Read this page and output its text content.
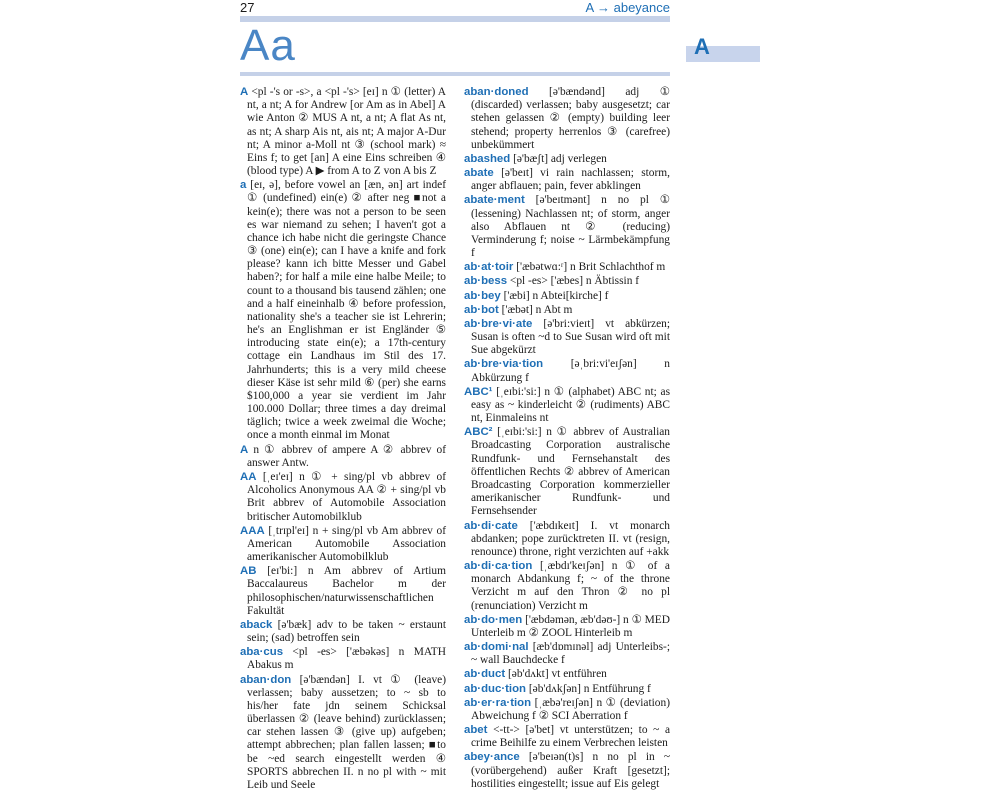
27	A → abeyance
Aa	A

A <pl -'s or -s>, a <pl -'s> [eɪ] n ① (letter) A nt, a nt; A for Andrew [or Am as in Abel] A wie Anton ② MUS A nt, a nt; A flat As nt, as nt; A sharp Ais nt, ais nt; A major A-Dur nt; A minor a-Moll nt ③ (school mark) ≈ Eins f; to get [an] A eine Eins schreiben ④ (blood type) A ▶ from A to Z von A bis Z

a [eɪ, ə], before vowel an [æn, ən] art indef ① (undefined) ein(e) ② after neg ■not a kein(e); there was not a person to be seen es war niemand zu sehen; I haven't got a chance ich habe nicht die geringste Chance ③ (one) ein(e); can I have a knife and fork please? kann ich bitte Messer und Gabel haben?; for half a mile eine halbe Meile; to count to a thousand bis tausend zählen; one and a half eineinhalb ④ before profession, nationality she's a teacher sie ist Lehrerin; he's an Englishman er ist Engländer ⑤ introducing state ein(e); a 17th-century cottage ein Landhaus im Stil des 17. Jahrhunderts; this is a very mild cheese dieser Käse ist sehr mild ⑥ (per) she earns $100,000 a year sie verdient im Jahr 100.000 Dollar; three times a day dreimal täglich; twice a week zweimal die Woche; once a month einmal im Monat

A n ① abbrev of ampere A ② abbrev of answer Antw.

AA [ˌeɪ'eɪ] n ① + sing/pl vb abbrev of Alcoholics Anonymous AA ② + sing/pl vb Brit abbrev of Automobile Association britischer Automobilklub

AAA [ˌtrɪpl'eɪ] n + sing/pl vb Am abbrev of American Automobile Association amerikanischer Automobilklub

AB [eɪ'bi:] n Am abbrev of Artium Baccalaureus Bachelor m der philosophischen/naturwissenschaftlichen Fakultät

aback [ə'bæk] adv to be taken ~ erstaunt sein; (sad) betroffen sein

aba·cus <pl -es> ['æbəkəs] n MATH Abakus m

aban·don [ə'bændən] I. vt ① (leave) verlassen; baby aussetzen; to ~ sb to his/her fate jdn seinem Schicksal überlassen ② (leave behind) zurücklassen; car stehen lassen ③ (give up) aufgeben; attempt abbrechen; plan fallen lassen; ■to be ~ed search eingestellt werden ④ SPORTS abbrechen II. n no pl with ~ mit Leib und Seele

aban·doned [ə'bændənd] adj ① (discarded) verlassen; baby ausgesetzt; car stehen gelassen ② (empty) building leer stehend; property herrenlos ③ (carefree) unbekümmert

abashed [ə'bæʃt] adj verlegen

abate [ə'beɪt] vi rain nachlassen; storm, anger abflauen; pain, fever abklingen

abate·ment [ə'beɪtmənt] n no pl ① (lessening) Nachlassen nt; of storm, anger also Abflauen nt ② (reducing) Verminderung f; noise ~ Lärmbekämpfung f

ab·at·toir ['æbətwɑ:ʳ] n Brit Schlachthof m

ab·bess <pl -es> ['æbes] n Äbtissin f

ab·bey ['æbi] n Abtei[kirche] f

ab·bot ['æbət] n Abt m

ab·bre·vi·ate [ə'bri:vieɪt] vt abkürzen; Susan is often ~d to Sue Susan wird oft mit Sue abgekürzt

ab·bre·via·tion [əˌbri:vi'eɪʃən] n Abkürzung f

ABC¹ [ˌeɪbi:'si:] n ① (alphabet) ABC nt; as easy as ~ kinderleicht ② (rudiments) ABC nt, Einmaleins nt

ABC² [ˌeɪbi:'si:] n ① abbrev of Australian Broadcasting Corporation australische Rundfunk- und Fernsehanstalt des öffentlichen Rechts ② abbrev of American Broadcasting Corporation kommerzieller amerikanischer Rundfunk- und Fernsehsender

ab·di·cate ['æbdɪkeɪt] I. vt monarch abdanken; pope zurücktreten II. vt (resign, renounce) throne, right verzichten auf +akk

ab·di·ca·tion [ˌæbdɪ'keɪʃən] n ① of a monarch Abdankung f; ~ of the throne Verzicht m auf den Thron ② no pl (renunciation) Verzicht m

ab·do·men ['æbdəmən, æb'dəʊ-] n ① MED Unterleib m ② ZOOL Hinterleib m

ab·domi·nal [æb'dɒmɪnəl] adj Unterleibs-; ~ wall Bauchdecke f

ab·duct [əb'dʌkt] vt entführen

ab·duc·tion [əb'dʌkʃən] n Entführung f

ab·er·ra·tion [ˌæbə'reɪʃən] n ① (deviation) Abweichung f ② SCI Aberration f

abet <-tt-> [ə'bet] vt unterstützen; to ~ a crime Beihilfe zu einem Verbrechen leisten

abey·ance [ə'beɪən(t)s] n no pl in ~ (vorübergehend) außer Kraft [gesetzt]; hostilities eingestellt; issue auf Eis gelegt
